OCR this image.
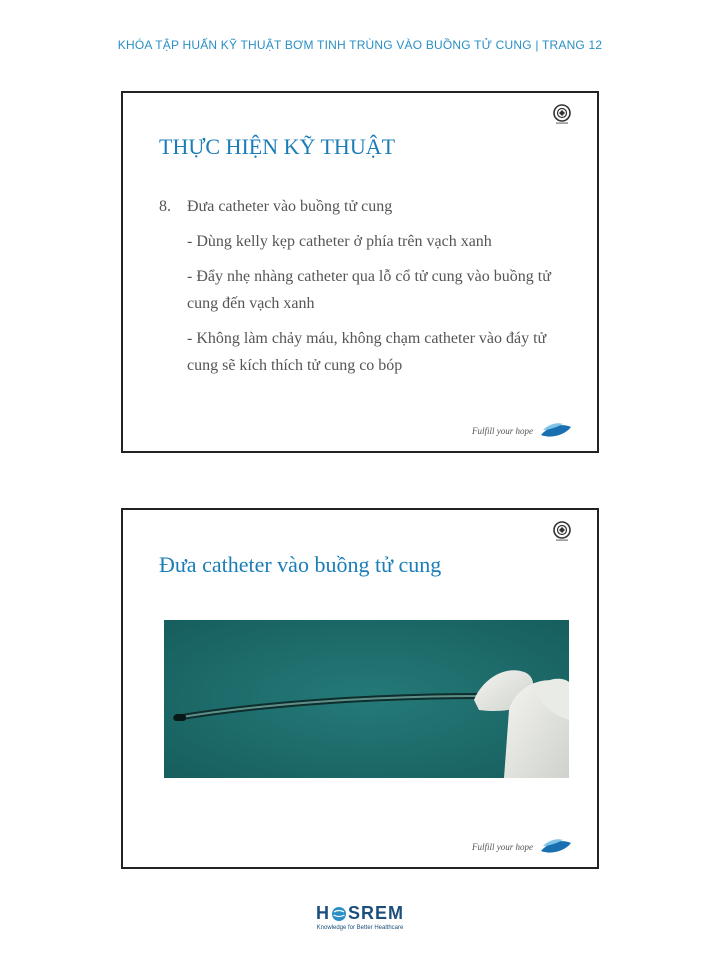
KHÓA TẬP HUẤN KỸ THUẬT BƠM TINH TRÙNG VÀO BUỒNG TỬ CUNG | TRANG 12
THỰC HIỆN KỸ THUẬT
8.	Đưa catheter vào buồng tử cung
- Dùng kelly kẹp catheter ở phía trên vạch xanh
- Đẩy nhẹ nhàng catheter qua lỗ cổ tử cung vào buồng tử cung đến vạch xanh
- Không làm chảy máu, không chạm catheter vào đáy tử cung sẽ kích thích tử cung co bóp
Fulfill your hope
Đưa catheter vào buồng tử cung
Fulfill your hope
H SREM
Knowledge for Better Healthcare
